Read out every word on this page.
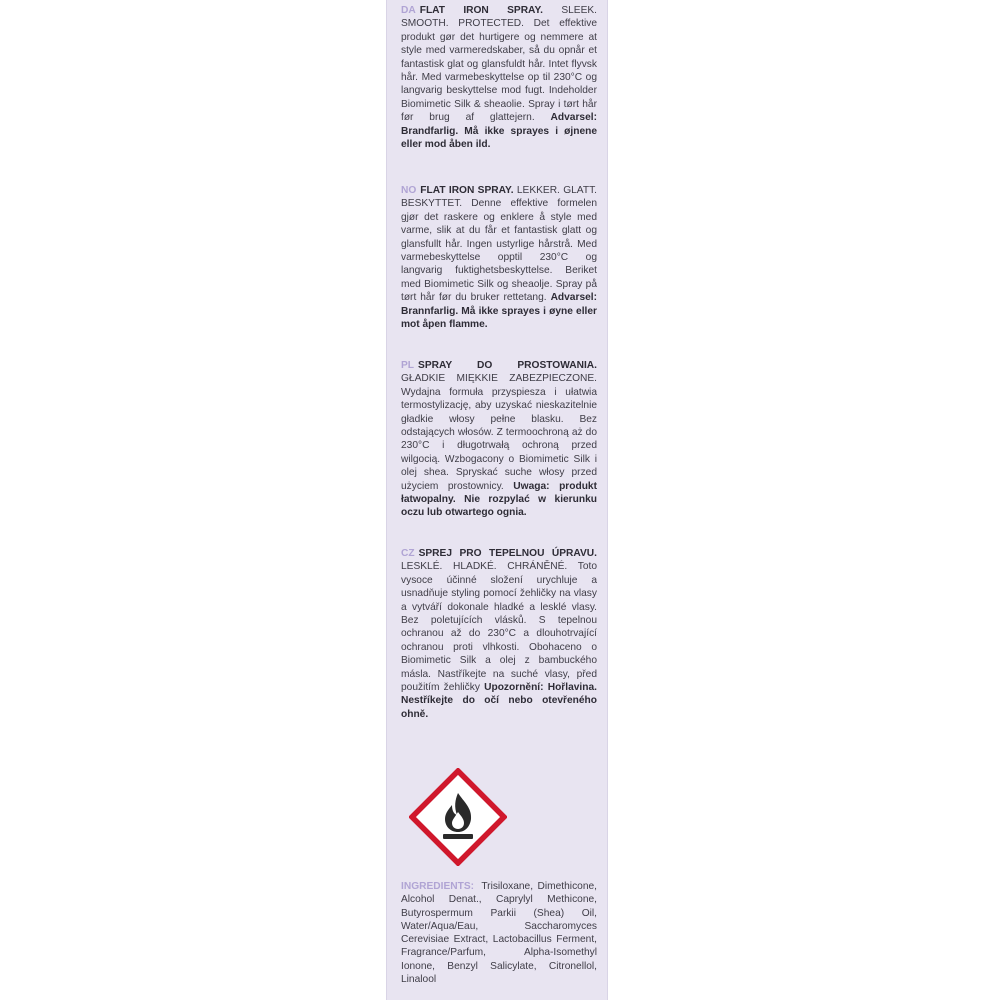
DA FLAT IRON SPRAY. SLEEK. SMOOTH. PROTECTED. Det effektive produkt gør det hurtigere og nemmere at style med varmeredskaber, så du opnår et fantastisk glat og glansfuldt hår. Intet flyvsk hår. Med varmebeskyttelse op til 230°C og langvarig beskyttelse mod fugt. Indeholder Biomimetic Silk & sheaolie. Spray i tørt hår før brug af glattejern. Advarsel: Brandfarlig. Må ikke sprayes i øjnene eller mod åben ild.
NO FLAT IRON SPRAY. LEKKER. GLATT. BESKYTTET. Denne effektive formelen gjør det raskere og enklere å style med varme, slik at du får et fantastisk glatt og glansfullt hår. Ingen ustyrlige hårstrå. Med varmebeskyttelse opptil 230°C og langvarig fuktighetsbeskyttelse. Beriket med Biomimetic Silk og sheaolje. Spray på tørt hår før du bruker rettetang. Advarsel: Brannfarlig. Må ikke sprayes i øyne eller mot åpen flamme.
PL SPRAY DO PROSTOWANIA. GŁADKIE MIĘKKIE ZABEZPIECZONE. Wydajna formuła przyspiesza i ułatwia termostylizację, aby uzyskać nieskazitelnie gładkie włosy pełne blasku. Bez odstających włosów. Z termoochroną aż do 230°C i długotrwałą ochroną przed wilgocią. Wzbogacony o Biomimetic Silk i olej shea. Spryskać suche włosy przed użyciem prostownicy. Uwaga: produkt łatwopalny. Nie rozpylać w kierunku oczu lub otwartego ognia.
CZ SPREJ PRO TEPELNOU ÚPRAVU. LESKLÉ. HLADKÉ. CHRÁNĚNÉ. Toto vysoce účinné složení urychluje a usnadňuje styling pomocí žehličky na vlasy a vytváří dokonale hladké a lesklé vlasy. Bez poletujících vlásků. S tepelnou ochranou až do 230°C a dlouhotrvající ochranou proti vlhkosti. Obohaceno o Biomimetic Silk a olej z bambuckého másla. Nastříkejte na suché vlasy, před použitím žehličky Upozornění: Hořlavina. Nestříkejte do očí nebo otevřeného ohně.
INGREDIENTS: Trisiloxane, Dimethicone, Alcohol Denat., Caprylyl Methicone, Butyrospermum Parkii (Shea) Oil, Water/Aqua/Eau, Saccharomyces Cerevisiae Extract, Lactobacillus Ferment, Fragrance/Parfum, Alpha-Isomethyl Ionone, Benzyl Salicylate, Citronellol, Linalool
